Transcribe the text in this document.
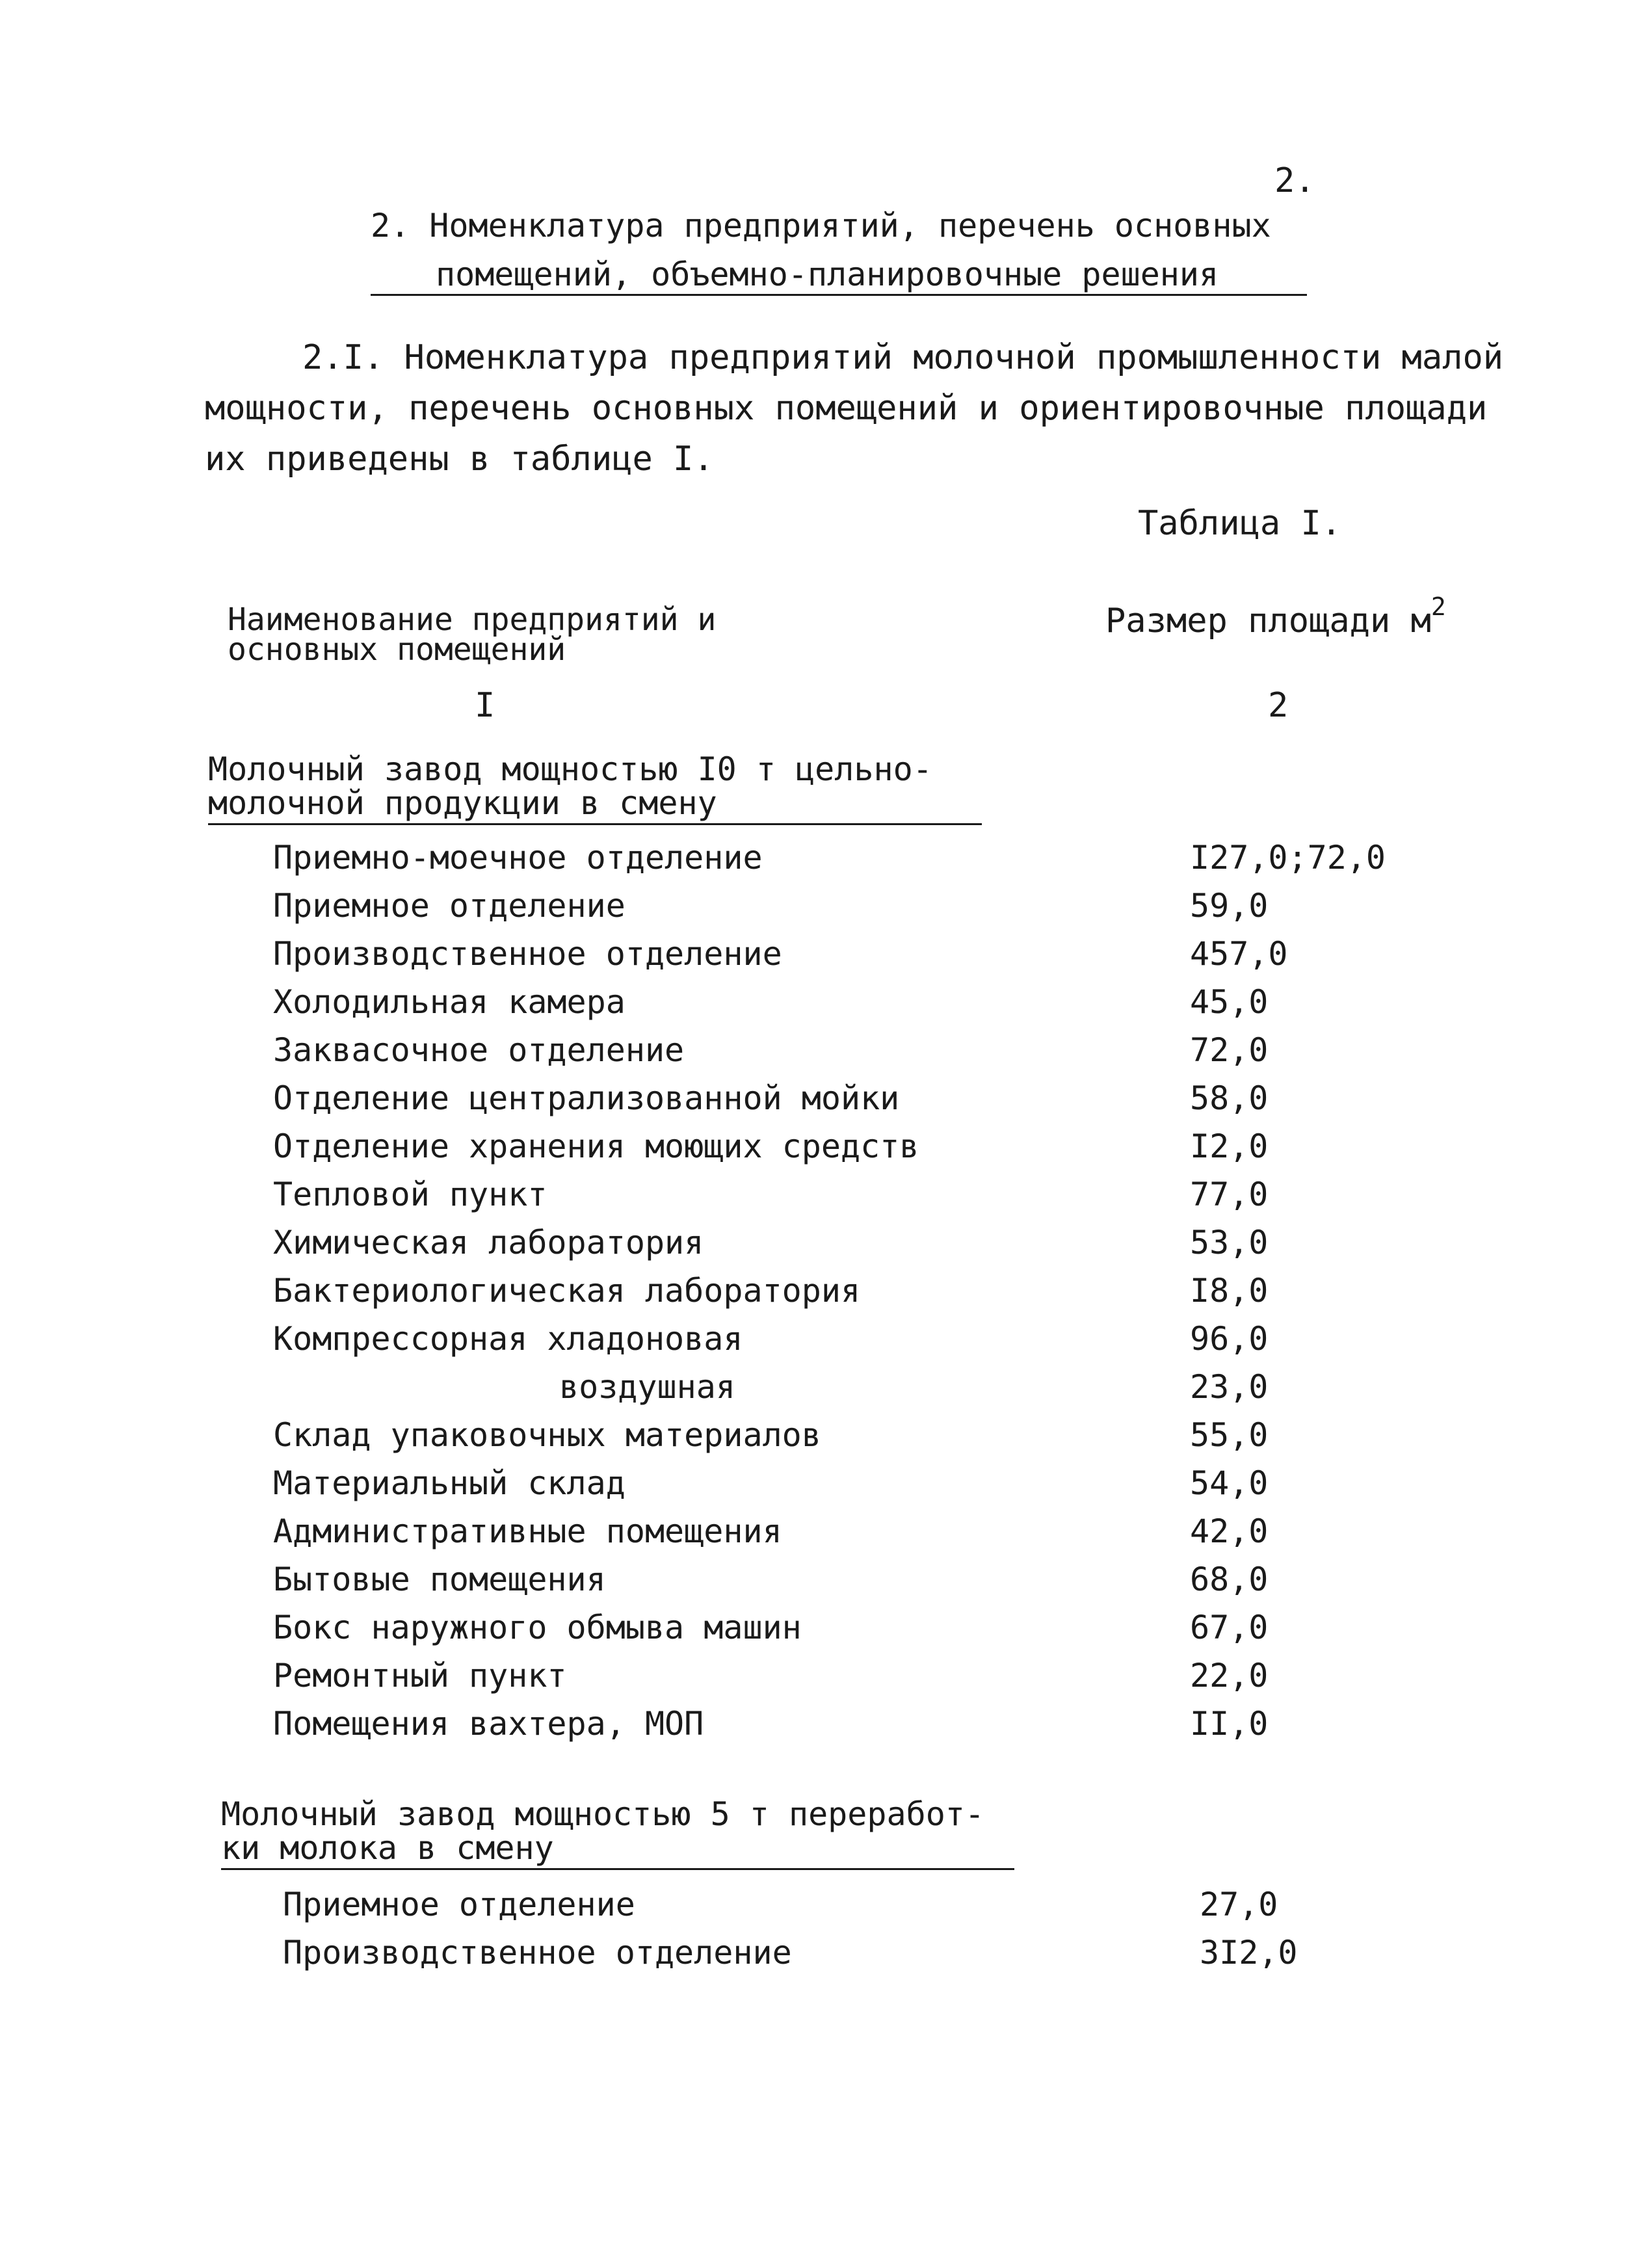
2.
2. Номенклатура предприятий, перечень основных
помещений, объемно-планировочные решения
2.I. Номенклатура предприятий молочной промышленности малой
мощности, перечень основных помещений и ориентировочные площади
их приведены в таблице I.
Таблица I.
Наименование предприятий и
основных помещений
Размер площади $м^2$
I	2
Молочный завод мощностью I0 т цельно-
молочной продукции в смену
Приемно-моечное отделение	I27,0;72,0
Приемное отделение	59,0
Производственное отделение	457,0
Холодильная камера	45,0
Заквасочное отделение	72,0
Отделение централизованной мойки	58,0
Отделение хранения моющих средств	I2,0
Тепловой пункт	77,0
Химическая лаборатория	53,0
Бактериологическая лаборатория	I8,0
Компрессорная хладоновая	96,0
воздушная	23,0
Склад упаковочных материалов	55,0
Материальный склад	54,0
Административные помещения	42,0
Бытовые помещения	68,0
Бокс наружного обмыва машин	67,0
Ремонтный пункт	22,0
Помещения вахтера, МОП	II,0
Молочный завод мощностью 5 т переработ-
ки молока в смену
Приемное отделение	27,0
Производственное отделение	3I2,0
